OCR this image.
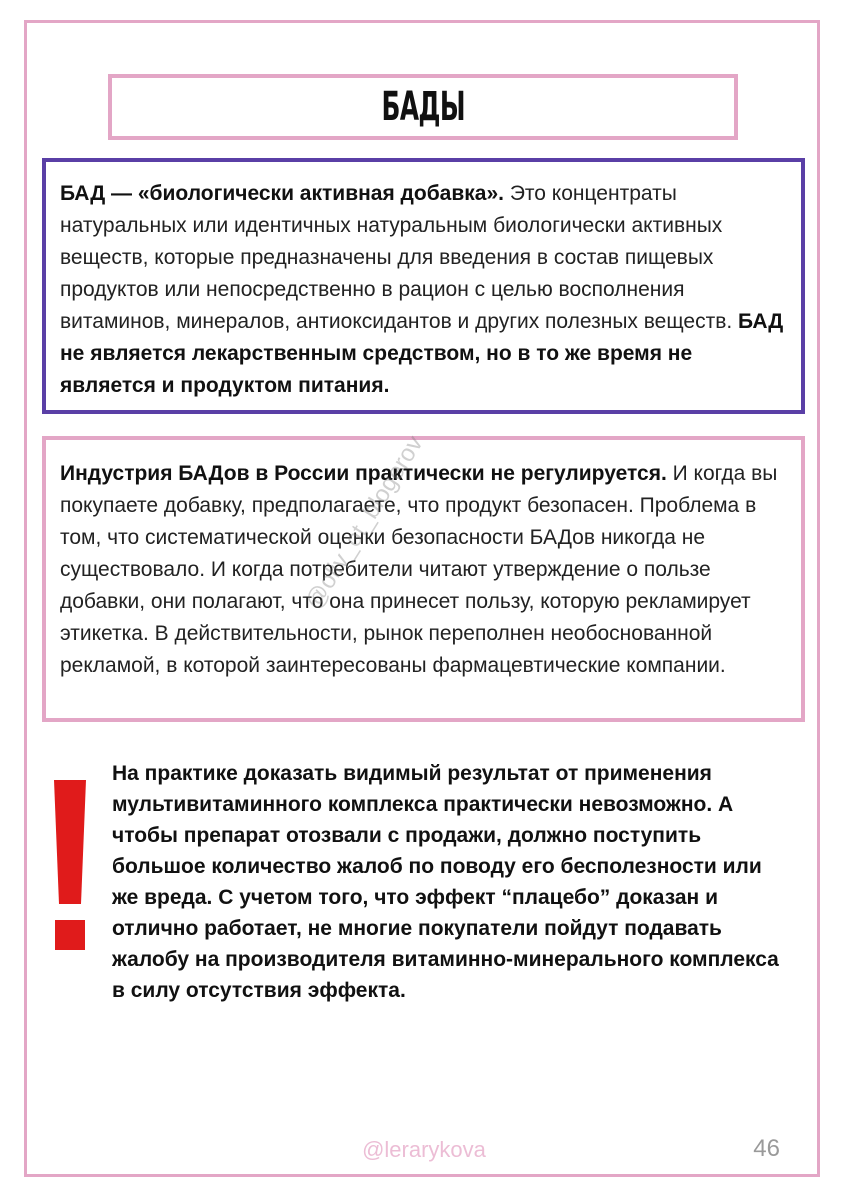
БАДЫ

БАД — «биологически активная добавка». Это концентраты натуральных или идентичных натуральным биологически активных веществ, которые предназначены для введения в состав пищевых продуктов или непосредственно в рацион с целью восполнения витаминов, минералов, антиоксидантов и других полезных веществ. БАД не является лекарственным средством, но в то же время не является и продуктом питания.

Индустрия БАДов в России практически не регулируется. И когда вы покупаете добавку, предполагаете, что продукт безопасен. Проблема в том, что систематической оценки безопасности БАДов никогда не существовало. И когда потребители читают утверждение о пользе добавки, они полагают, что она принесет пользу, которую рекламирует этикетка. В действительности, рынок переполнен необоснованной рекламой, в которой заинтересованы фармацевтические компании.

На практике доказать видимый результат от применения мультивитаминного комплекса практически невозможно. А чтобы препарат отозвали с продажи, должно поступить большое количество жалоб по поводу его бесполезности или же вреда. С учетом того, что эффект “плацебо” доказан и отлично работает, не многие покупатели пойдут подавать жалобу на производителя витаминно-минерального комплекса в силу отсутствия эффекта.

@oliv_ot_blogerov
@lerarykova	46
